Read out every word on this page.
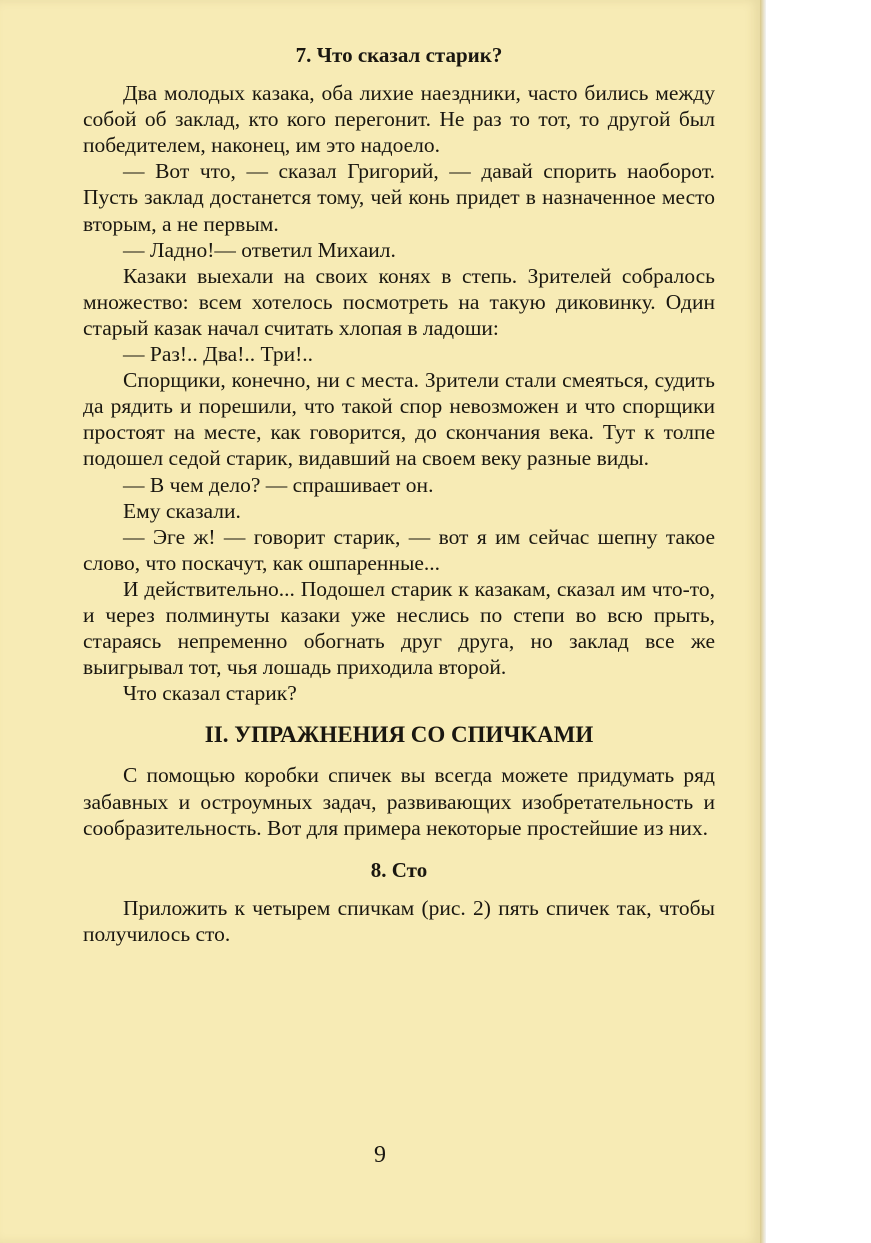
7. Что сказал старик?

Два молодых казака, оба лихие наездники, часто бились между собой об заклад, кто кого перегонит. Не раз то тот, то другой был победителем, наконец, им это надоело.

— Вот что, — сказал Григорий, — давай спорить наоборот. Пусть заклад достанется тому, чей конь придет в назначенное место вторым, а не первым.

— Ладно!— ответил Михаил.

Казаки выехали на своих конях в степь. Зрителей собралось множество: всем хотелось посмотреть на такую диковинку. Один старый казак начал считать хлопая в ладоши:

— Раз!.. Два!.. Три!..

Спорщики, конечно, ни с места. Зрители стали смеяться, судить да рядить и порешили, что такой спор невозможен и что спорщики простоят на месте, как говорится, до скончания века. Тут к толпе подошел седой старик, видавший на своем веку разные виды.

— В чем дело? — спрашивает он.

Ему сказали.

— Эге ж! — говорит старик, — вот я им сейчас шепну такое слово, что поскачут, как ошпаренные...

И действительно... Подошел старик к казакам, сказал им что-то, и через полминуты казаки уже неслись по степи во всю прыть, стараясь непременно обогнать друг друга, но заклад все же выигрывал тот, чья лошадь приходила второй.

Что сказал старик?

II. УПРАЖНЕНИЯ СО СПИЧКАМИ

С помощью коробки спичек вы всегда можете придумать ряд забавных и остроумных задач, развивающих изобретательность и сообразительность. Вот для примера некоторые простейшие из них.

8. Сто

Приложить к четырем спичкам (рис. 2) пять спичек так, чтобы получилось сто.

9
